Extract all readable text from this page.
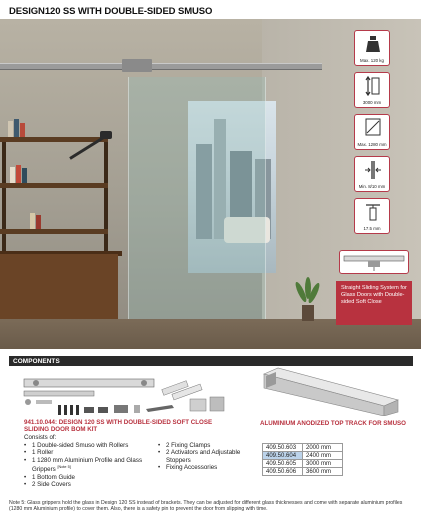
DESIGN120 SS WITH DOUBLE-SIDED SMUSO
Max. 120 kg
3000 mm
Max. 1280 mm
Min. 8/10 mm
17.5 mm
Straight Sliding System for Glass Doors with Double-sided Soft Close
COMPONENTS
941.10.044: DESIGN 120 SS WITH DOUBLE-SIDED SOFT CLOSE SLIDING DOOR BOM KIT
Consists of:
• 1 Double-sided Smuso with Rollers
• 1 Roller
• 1 1280 mm Aluminium Profile and Glass Grippers [Note 5]
• 1 Bottom Guide
• 2 Side Covers
• 2 Fixing Clamps
• 2 Activators and Adjustable Stoppers
• Fixing Accessories
ALUMINIUM ANODIZED TOP TRACK FOR SMUSO
409.50.603	2000 mm
409.50.604	2400 mm
409.50.605	3000 mm
409.50.606	3600 mm
Note 5: Glass grippers hold the glass in Design 120 SS instead of brackets. They can be adjusted for different glass thicknesses and come with separate aluminium profiles (1280 mm Aluminium profile) to cover them. Also, there is a safety pin to prevent the door from slipping with time.
